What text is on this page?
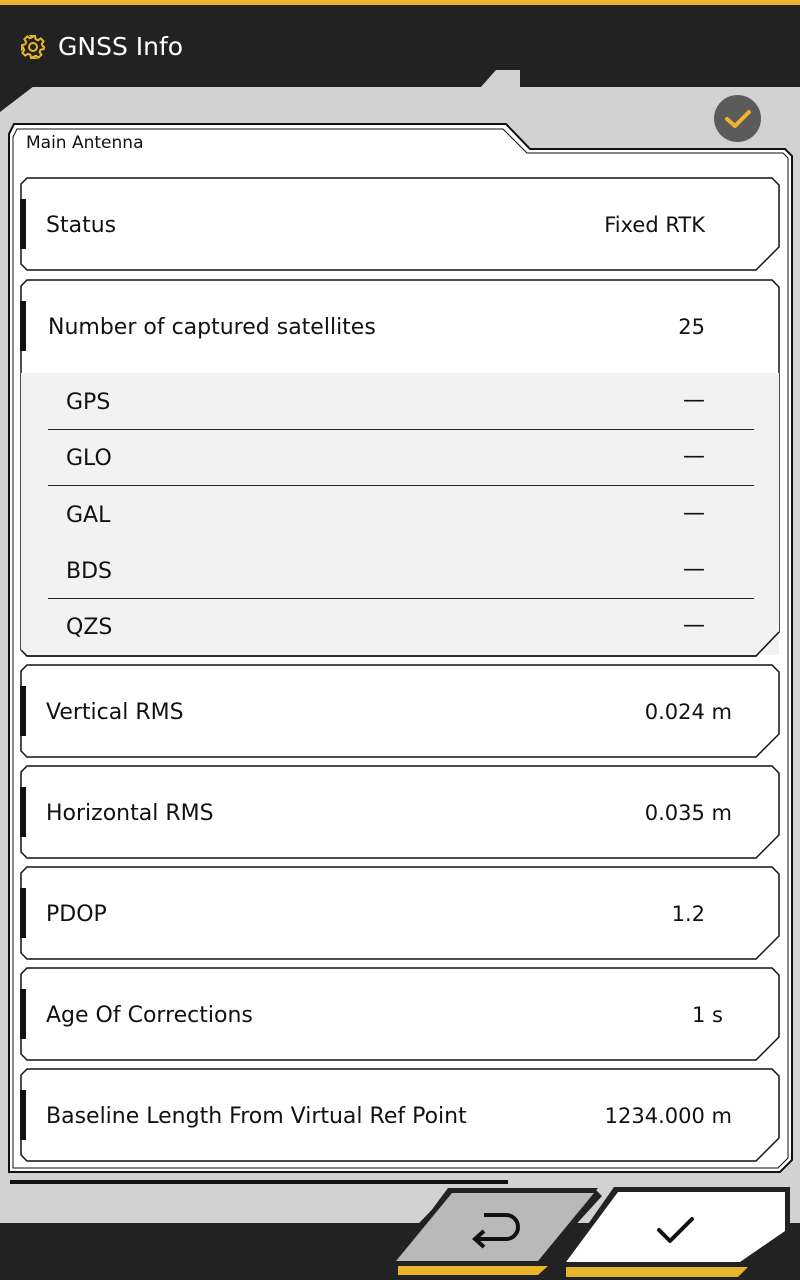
GNSS Info
Main Antenna
Status	Fixed RTK
Number of captured satellites	25
GPS	—
GLO	—
GAL	—
BDS	—
QZS	—
Vertical RMS	0.024 m
Horizontal RMS	0.035 m
PDOP	1.2
Age Of Corrections	1 s
Baseline Length From Virtual Ref Point	1234.000 m
